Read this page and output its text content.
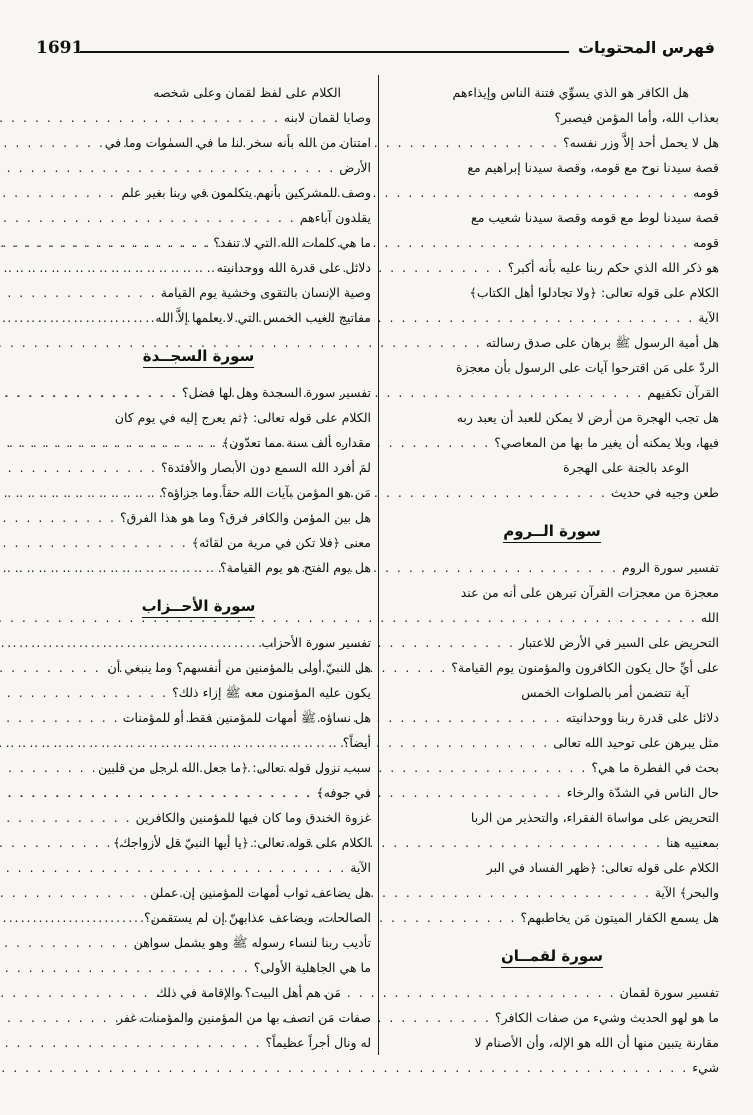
1691	فهرس المحتويات
هل الكافر هو الذي يسوِّي فتنة الناس وإيذاءهم
بعذاب الله، وأما المؤمن فيصبر؟
هل لا يحمل أحد إلاَّ وزر نفسه؟
. . .
قصة سيدنا نوح مع قومه، وقصة سيدنا إبراهيم مع
قومه
. . .
قصة سيدنا لوط مع قومه وقصة سيدنا شعيب مع
قومه
. . .
هو ذكر الله الذي حكم ربنا عليه بأنه أكبر؟
. . .
الكلام على قوله تعالى: ﴿ولا تجادلوا أهل الكتاب﴾
الآية
. . .
هل أمية الرسول ﷺ برهان على صدق رسالته
. . .
الردّ على مَن اقترحوا آيات على الرسول بأن معجزة
القرآن تكفيهم
. . .
هل تجب الهجرة من أرض لا يمكن للعبد أن يعبد ربه
فيها، وبلا يمكنه أن يغير ما بها من المعاصي؟
. . .
الوعد بالجنة على الهجرة
طعن وجيه في حديث
. . .
سورة الــروم
تفسير سورة الروم
. . .
معجزة من معجزات القرآن تبرهن على أنه من عند
الله
. . .
التحريض على السير في الأرض للاعتبار
. . .
على أيِّ حال يكون الكافرون والمؤمنون يوم القيامة؟
. . .
آية تتضمن أمر بالصلوات الخمس
دلائل على قدرة ربنا ووحدانيته
. . .
مثل يبرهن على توحيد الله تعالى
. . .
بحث في الفطرة ما هي؟
. . .
حال الناس في الشدّة والرخاء
. . .
التحريض على مواساة الفقراء، والتحذير من الربا
بمعنييه هنا
. . .
الكلام على قوله تعالى: ﴿ظهر الفساد في البر
والبحر﴾ الآية
. . .
هل يسمع الكفار الميتون مَن يخاطبهم؟
. . .
سورة لقمــان
تفسير سورة لقمان
. . .
ما هو لهو الحديث وشيء من صفات الكافر؟
. . .
مقارنة يتبين منها أن الله هو الإله، وأن الأصنام لا
شيء
. . .
الكلام على لفظ لقمان وعلى شخصه
وصايا لقمان لابنه
. . .
امتنان من الله بأنه سخر لنا ما في السمٰوات وما في
الأرض
. . .
وصف للمشركين بأنهم يتكلمون في ربنا بغير علم
يقلدون آباءهم
. . .
ما هي كلمات الله التي لا تنفد؟
. . .
دلائل على قدرة الله ووحدانيته
. . .
وصية الإنسان بالتقوى وخشية يوم القيامة
. . .
مفاتيح الغيب الخمس التي لا يعلمها إلاَّ الله
. . .
سورة السجــدة
تفسير سورة السجدة وهل لها فضل؟
. . .
الكلام على قوله تعالى: ﴿ثم يعرج إليه في يوم كان
مقداره ألف سنة مما تعدّون﴾
. . .
لمَ أفرد الله السمع دون الأبصار والأفئدة؟
. . .
مَن هو المؤمن بآيات الله حقاً وما جزاؤه؟
. . .
هل بين المؤمن والكافر فرق؟ وما هو هذا الفرق؟
. . .
معنى ﴿فلا تكن في مرية من لقائه﴾
. . .
هل يوم الفتح هو يوم القيامة؟
. . .
سورة الأحــزاب
تفسير سورة الأحزاب
. . .
هل النبيّ أولى بالمؤمنين من أنفسهم؟ وما ينبغي أن
يكون عليه المؤمنون معه ﷺ إزاء ذلك؟
. . .
هل نساؤه ﷺ أمهات للمؤمنين فقط أو للمؤمنات
أيضاً؟
. . .
سبب نزول قوله تعالى: ﴿ما جعل الله لرجل من قلبين
في جوفه﴾
. . .
غزوة الخندق وما كان فيها للمؤمنين والكافرين
. . .
الكلام على قوله تعالى: ﴿يا أيها النبيّ قل لأزواجك﴾
الآية
. . .
هل يضاعف ثواب أمهات المؤمنين إن عملن
الصالحات، ويضاعف عذابهنّ إن لم يستقمن؟
. . .
تأديب ربنا لنساء رسوله ﷺ وهو يشمل سواهن
. . .
ما هي الجاهلية الأولى؟
. . .
مَن هم أهل البيت؟ والإقامة في ذلك
صفات مَن اتصف بها من المؤمنين والمؤمنات غفر
له ونال أجراً عظيماً؟
. . .
